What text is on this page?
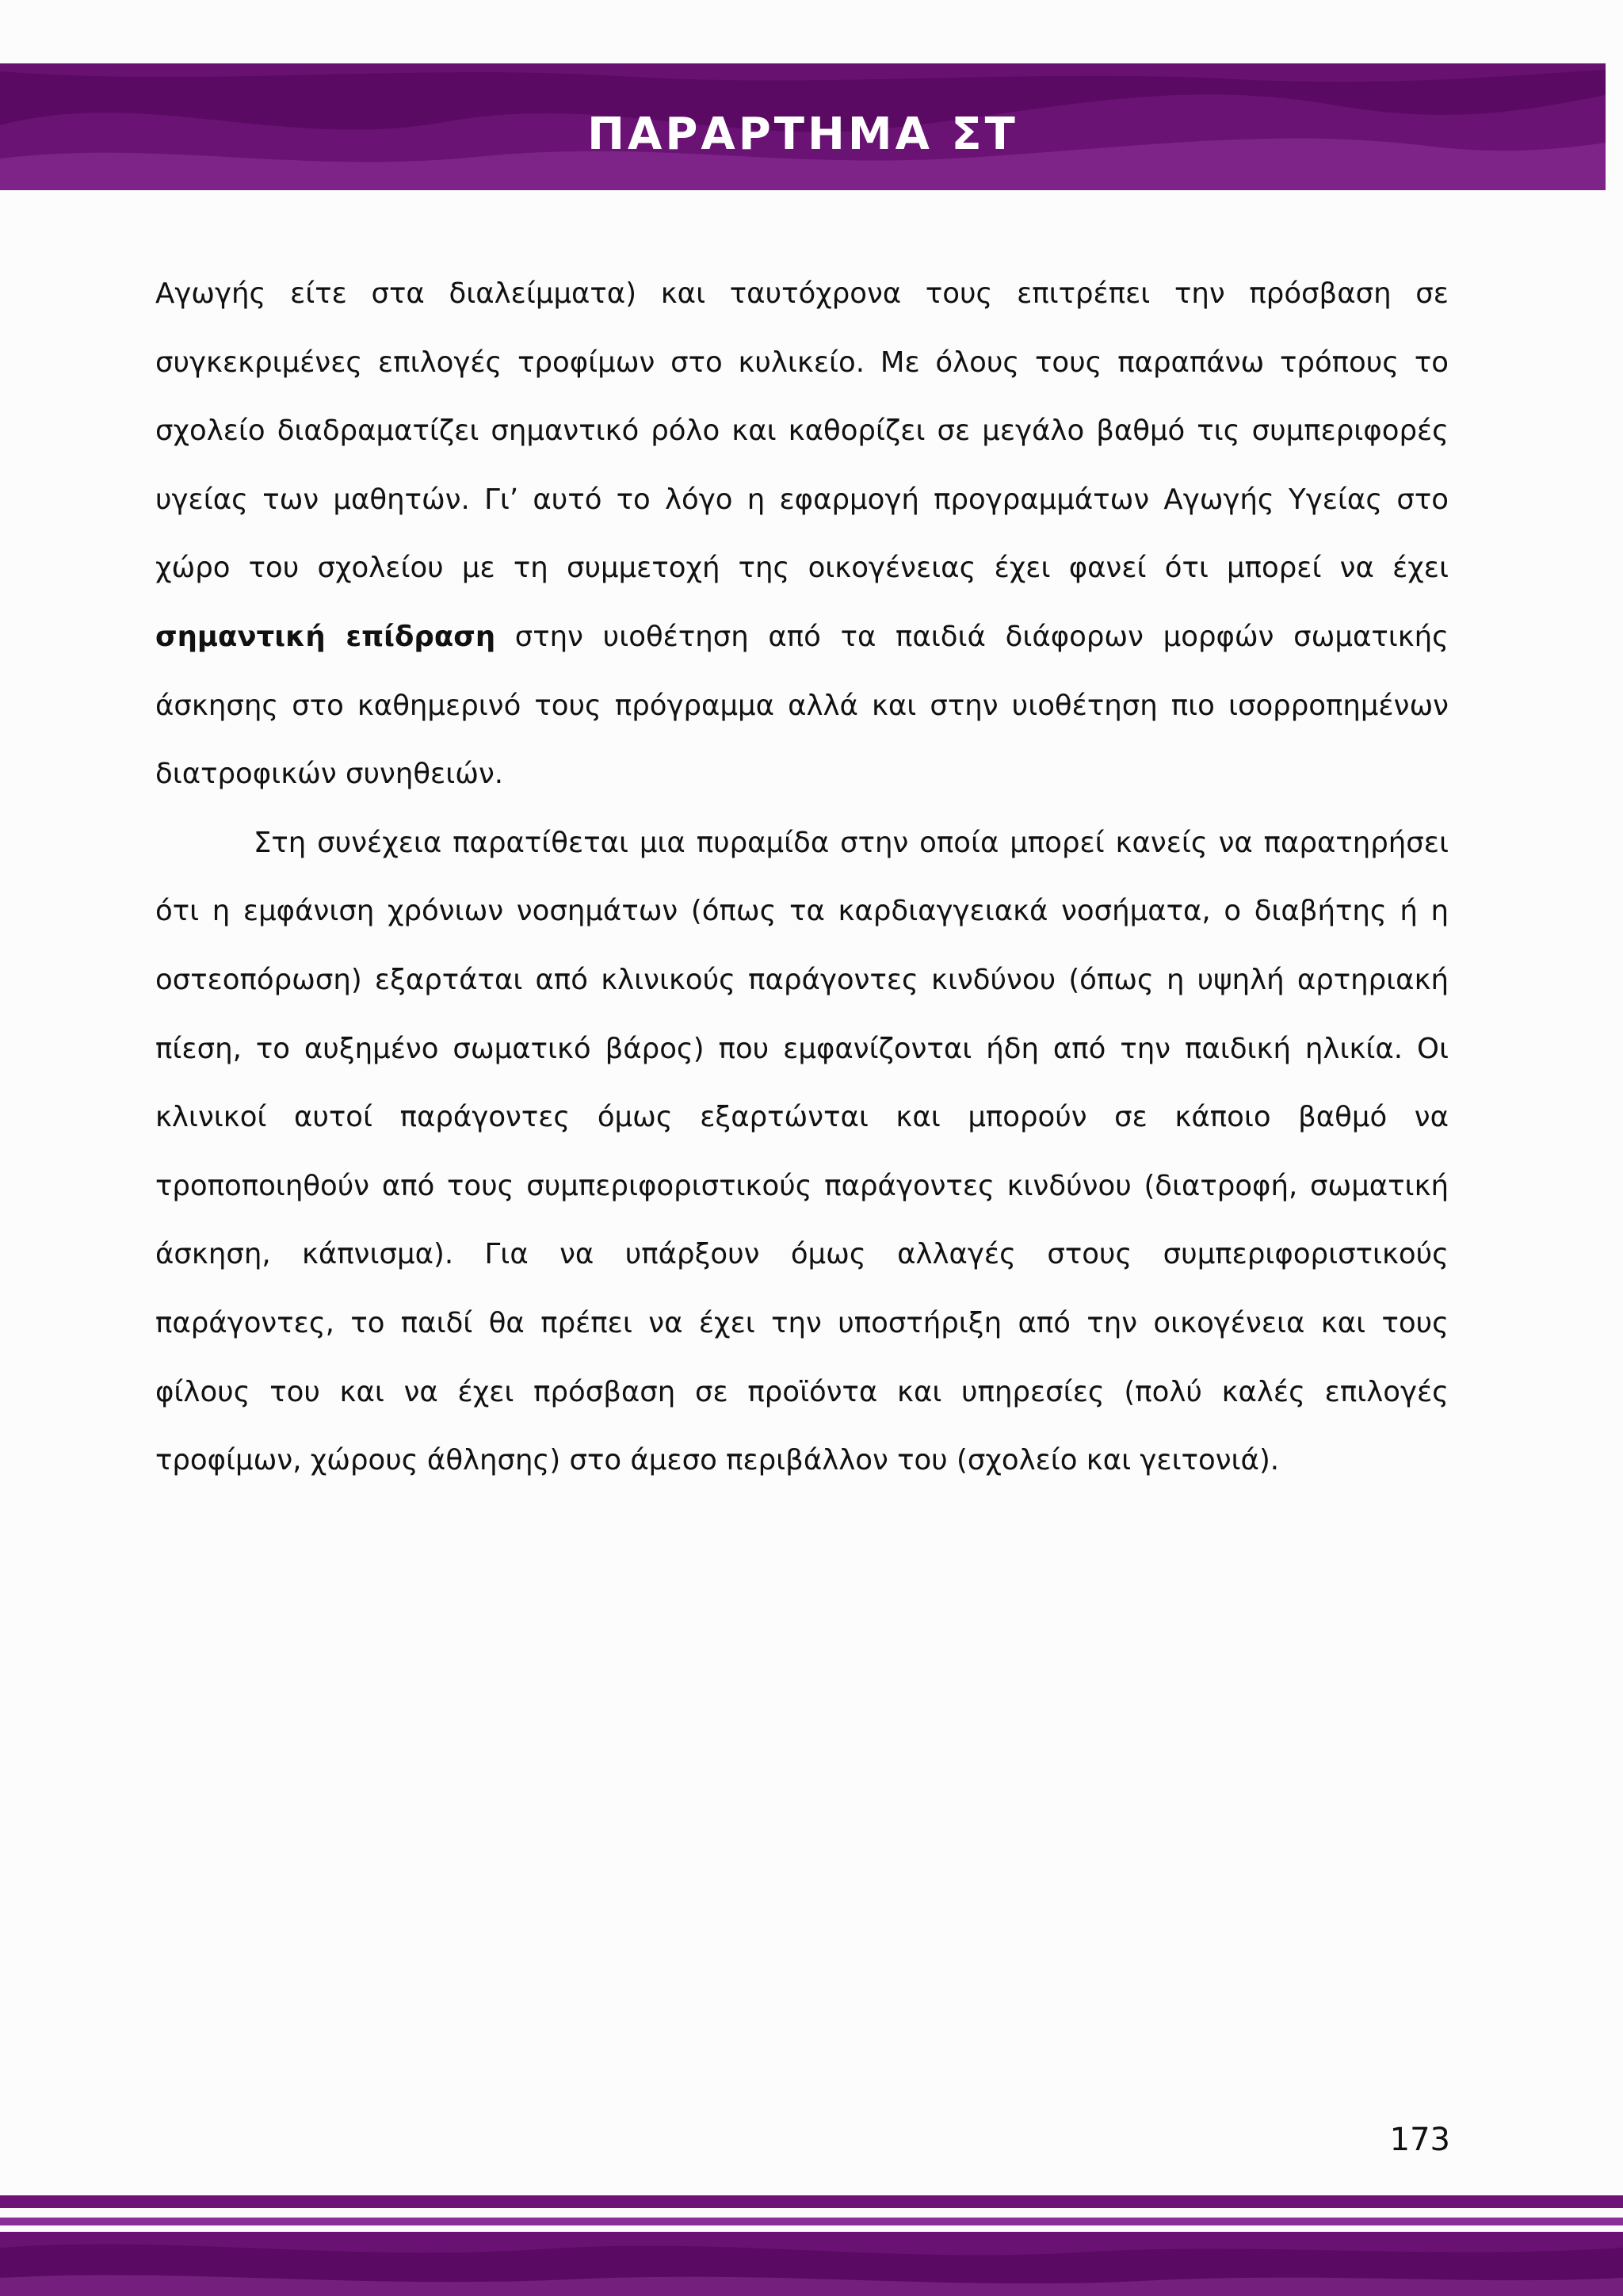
ΠΑΡΑΡΤΗΜΑ ΣΤ

Αγωγής είτε στα διαλείμματα) και ταυτόχρονα τους επιτρέπει την πρόσβαση σε συγκεκριμένες επιλογές τροφίμων στο κυλικείο. Με όλους τους παραπάνω τρόπους το σχολείο διαδραματίζει σημαντικό ρόλο και καθορίζει σε μεγάλο βαθμό τις συμπεριφορές υγείας των μαθητών. Γι’ αυτό το λόγο η εφαρμογή προγραμμάτων Αγωγής Υγείας στο χώρο του σχολείου με τη συμμετοχή της οικογένειας έχει φανεί ότι μπορεί να έχει σημαντική επίδραση στην υιοθέτηση από τα παιδιά διάφορων μορφών σωματικής άσκησης στο καθημερινό τους πρόγραμμα αλλά και στην υιοθέτηση πιο ισορροπημένων διατροφικών συνηθειών.

Στη συνέχεια παρατίθεται μια πυραμίδα στην οποία μπορεί κανείς να παρατηρήσει ότι η εμφάνιση χρόνιων νοσημάτων (όπως τα καρδιαγγειακά νοσήματα, ο διαβήτης ή η οστεοπόρωση) εξαρτάται από κλινικούς παράγοντες κινδύνου (όπως η υψηλή αρτηριακή πίεση, το αυξημένο σωματικό βάρος) που εμφανίζονται ήδη από την παιδική ηλικία. Οι κλινικοί αυτοί παράγοντες όμως εξαρτώνται και μπορούν σε κάποιο βαθμό να τροποποιηθούν από τους συμπεριφοριστικούς παράγοντες κινδύνου (διατροφή, σωματική άσκηση, κάπνισμα). Για να υπάρξουν όμως αλλαγές στους συμπεριφοριστικούς παράγοντες, το παιδί θα πρέπει να έχει την υποστήριξη από την οικογένεια και τους φίλους του και να έχει πρόσβαση σε προϊόντα και υπηρεσίες (πολύ καλές επιλογές τροφίμων, χώρους άθλησης) στο άμεσο περιβάλλον του (σχολείο και γειτονιά).

173
